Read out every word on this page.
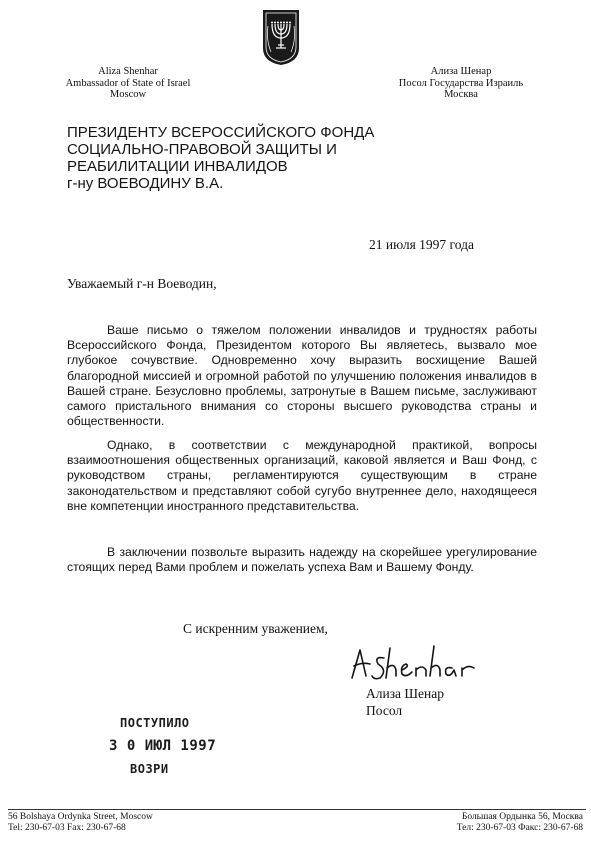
Aliza Shenhar
Ambassador of State of Israel
Moscow
Ализа Шенар
Посол Государства Израиль
Москва
ПРЕЗИДЕНТУ ВСЕРОССИЙСКОГО ФОНДА
СОЦИАЛЬНО-ПРАВОВОЙ ЗАЩИТЫ И
РЕАБИЛИТАЦИИ ИНВАЛИДОВ
г-ну ВОЕВОДИНУ В.А.
21 июля 1997 года
Уважаемый г-н Воеводин,

Ваше письмо о тяжелом положении инвалидов и трудностях работы Всероссийского Фонда, Президентом которого Вы являетесь, вызвало мое глубокое сочувствие. Одновременно хочу выразить восхищение Вашей благородной миссией и огромной работой по улучшению положения инвалидов в Вашей стране. Безусловно проблемы, затронутые в Вашем письме, заслуживают самого пристального внимания со стороны высшего руководства страны и общественности.

Однако, в соответствии с международной практикой, вопросы взаимоотношения общественных организаций, каковой является и Ваш Фонд, с руководством страны, регламентируются существующим в стране законодательством и представляют собой сугубо внутреннее дело, находящееся вне компетенции иностранного представительства.

В заключении позвольте выразить надежду на скорейшее урегулирование стоящих перед Вами проблем и пожелать успеха Вам и Вашему Фонду.

С искренним уважением,
Ализа Шенар
Посол
ПОСТУПИЛО
3 0 ИЮЛ 1997
ВОЗРИ
56 Bolshaya Ordynka Street, Moscow
Tel: 230-67-03 Fax: 230-67-68
Большая Ордынка 56, Москва
Тел: 230-67-03 Факс: 230-67-68
